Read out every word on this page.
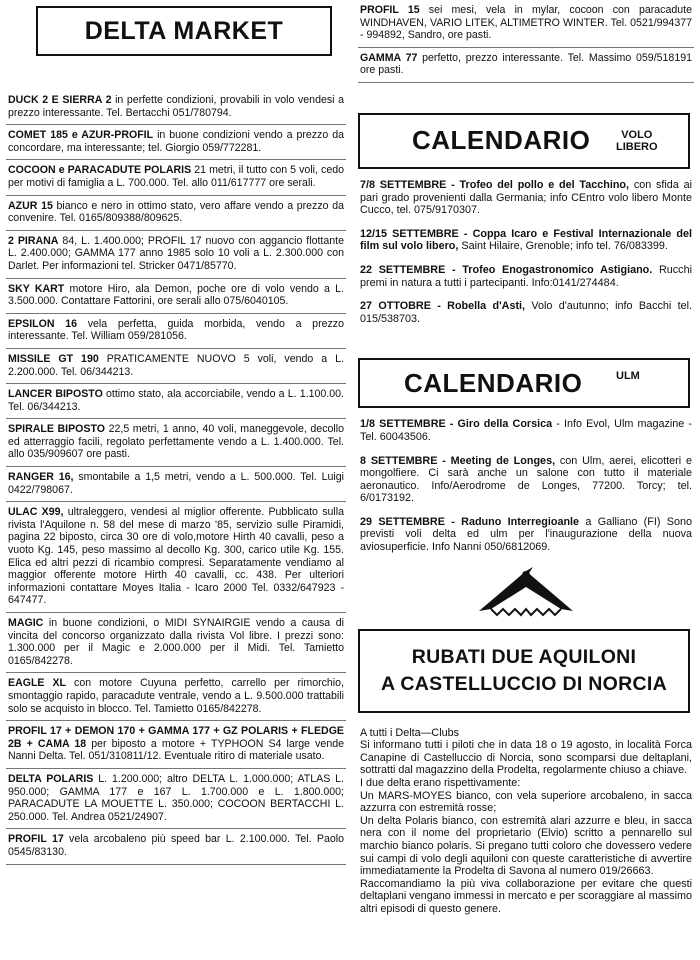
DELTA MARKET

DUCK 2 E SIERRA 2 in perfette condizioni, provabili in volo vendesi a prezzo interessante. Tel. Bertacchi 051/780794.

COMET 185 e AZUR-PROFIL in buone condizioni vendo a prezzo da concordare, ma interessante; tel. Giorgio 059/772281.

COCOON e PARACADUTE POLARIS 21 metri, il tutto con 5 voli, cedo per motivi di famiglia a L. 700.000. Tel. allo 011/617777 ore serali.

AZUR 15 bianco e nero in ottimo stato, vero affare vendo a prezzo da convenire. Tel. 0165/809388/809625.

2 PIRANA 84, L. 1.400.000; PROFIL 17 nuovo con aggancio flottante L. 2.400.000; GAMMA 177 anno 1985 solo 10 voli a L. 2.300.000 con Darlet. Per informazioni tel. Stricker 0471/85770.

SKY KART motore Hiro, ala Demon, poche ore di volo vendo a L. 3.500.000. Contattare Fattorini, ore serali allo 075/6040105.

EPSILON 16 vela perfetta, guida morbida, vendo a prezzo interessante. Tel. William 059/281056.

MISSILE GT 190 PRATICAMENTE NUOVO 5 voli, vendo a L. 2.200.000. Tel. 06/344213.

LANCER BIPOSTO ottimo stato, ala accorciabile, vendo a L. 1.100.00. Tel. 06/344213.

SPIRALE BIPOSTO 22,5 metri, 1 anno, 40 voli, maneggevole, decollo ed atterraggio facili, regolato perfettamente vendo a L. 1.400.000. Tel. allo 035/909607 ore pasti.

RANGER 16, smontabile a 1,5 metri, vendo a L. 500.000. Tel. Luigi 0422/798067.

ULAC X99, ultraleggero, vendesi al miglior offerente. Pubblicato sulla rivista l'Aquilone n. 58 del mese di marzo '85, servizio sulle Piramidi, pagina 22 biposto, circa 30 ore di volo,motore Hirth 40 cavalli, peso a vuoto Kg. 145, peso massimo al decollo Kg. 300, carico utile Kg. 155. Elica ed altri pezzi di ricambio compresi. Separatamente vendiamo al maggior offerente motore Hirth 40 cavalli, cc. 438. Per ulteriori informazioni contattare Moyes Italia - Icaro 2000 Tel. 0332/647923 - 647477.

MAGIC in buone condizioni, o MIDI SYNAIRGIE vendo a causa di vincita del concorso organizzato dalla rivista Vol libre. I prezzi sono: 1.300.000 per il Magic e 2.000.000 per il Midi. Tel. Tamietto 0165/842278.

EAGLE XL con motore Cuyuna perfetto, carrello per rimorchio, smontaggio rapido, paracadute ventrale, vendo a L. 9.500.000 trattabili solo se acquisto in blocco. Tel. Tamietto 0165/842278.

PROFIL 17 + DEMON 170 + GAMMA 177 + GZ POLARIS + FLEDGE 2B + CAMA 18 per biposto a motore + TYPHOON S4 large vende Nanni Delta. Tel. 051/310811/12. Eventuale ritiro di materiale usato.

DELTA POLARIS L. 1.200.000; altro DELTA L. 1.000.000; ATLAS L. 950.000; GAMMA 177 e 167 L. 1.700.000 e L. 1.800.000; PARACADUTE LA MOUETTE L. 350.000; COCOON BERTACCHI L. 250.000. Tel. Andrea 0521/24907.

PROFIL 17 vela arcobaleno più speed bar L. 2.100.000. Tel. Paolo 0545/83130.

PROFIL 15 sei mesi, vela in mylar, cocoon con paracadute WINDHAVEN, VARIO LITEK, ALTIMETRO WINTER. Tel. 0521/994377 - 994892, Sandro, ore pasti.

GAMMA 77 perfetto, prezzo interessante. Tel. Massimo 059/518191 ore pasti.

CALENDARIO	VOLO
LIBERO

7/8 SETTEMBRE - Trofeo del pollo e del Tacchino, con sfida ai pari grado provenienti dalla Germania; info CEntro volo libero Monte Cucco, tel. 075/9170307.

12/15 SETTEMBRE - Coppa Icaro e Festival Internazionale del film sul volo libero, Saint Hilaire, Grenoble; info tel. 76/083399.

22 SETTEMBRE - Trofeo Enogastronomico Astigiano. Rucchi premi in natura a tutti i partecipanti. Info:0141/274484.

27 OTTOBRE - Robella d'Asti, Volo d'autunno; info Bacchi tel. 015/538703.

CALENDARIO	ULM

1/8 SETTEMBRE - Giro della Corsica - Info Evol, Ulm magazine - Tel. 60043506.

8 SETTEMBRE - Meeting de Longes, con Ulm, aerei, elicotteri e mongolfiere. Ci sarà anche un salone con tutto il materiale aeronautico. Info/Aerodrome de Longes, 77200. Torcy; tel. 6/0173192.

29 SETTEMBRE - Raduno Interregioanle a Galliano (FI) Sono previsti voli delta ed ulm per l'inaugurazione della nuova aviosuperficie. Info Nanni 050/6812069.

RUBATI DUE AQUILONI
A CASTELLUCCIO DI NORCIA

A tutti i Delta—Clubs

Si informano tutti i piloti che in data 18 o 19 agosto, in località Forca Canapine di Castelluccio di Norcia, sono scomparsi due deltaplani, sottratti dal magazzino della Prodelta, regolarmente chiuso a chiave.

I due delta erano rispettivamente:

Un MARS-MOYES bianco, con vela superiore arcobaleno, in sacca azzurra con estremità rosse;

Un delta Polaris bianco, con estremità alari azzurre e bleu, in sacca nera con il nome del proprietario (Elvio) scritto a pennarello sul marchio bianco polaris. Si pregano tutti coloro che dovessero vedere sui campi di volo degli aquiloni con queste caratteristiche di avvertire immediatamente la Prodelta di Savona al numero 019/26663.

Raccomandiamo la più viva collaborazione per evitare che questi deltaplani vengano immessi in mercato e per scoraggiare al massimo altri episodi di questo genere.
